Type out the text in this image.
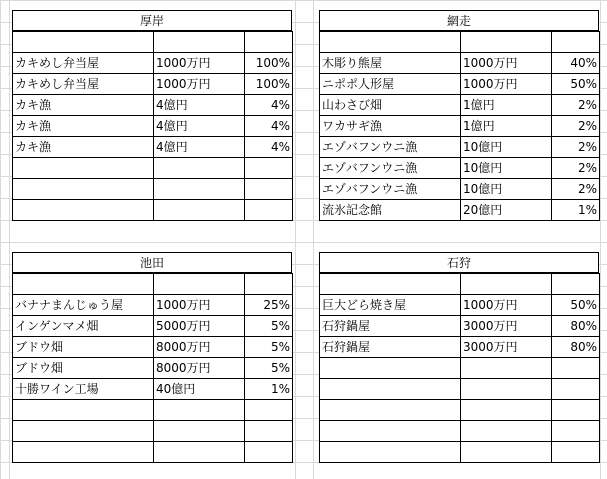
厚岸

カキめし弁当屋	1000万円	100%
カキめし弁当屋	1000万円	100%
カキ漁	4億円	4%
カキ漁	4億円	4%
カキ漁	4億円	4%

網走

木彫り熊屋	1000万円	40%
ニポポ人形屋	1000万円	50%
山わさび畑	1億円	2%
ワカサギ漁	1億円	2%
エゾバフンウニ漁	10億円	2%
エゾバフンウニ漁	10億円	2%
エゾバフンウニ漁	10億円	2%
流氷記念館	20億円	1%
池田

バナナまんじゅう屋	1000万円	25%
インゲンマメ畑	5000万円	5%
ブドウ畑	8000万円	5%
ブドウ畑	8000万円	5%
十勝ワイン工場	40億円	1%

石狩

巨大どら焼き屋	1000万円	50%
石狩鍋屋	3000万円	80%
石狩鍋屋	3000万円	80%
